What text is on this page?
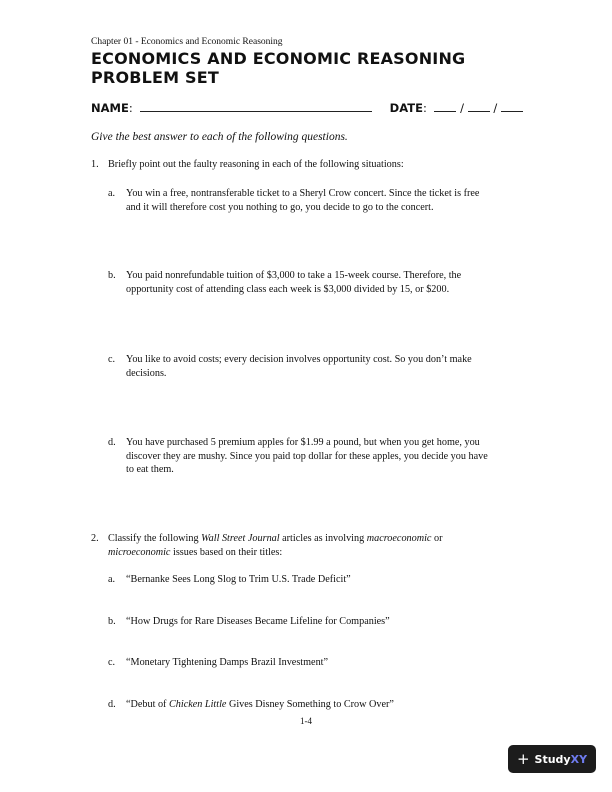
Chapter 01 - Economics and Economic Reasoning
ECONOMICS AND ECONOMIC REASONING
PROBLEM SET
NAME:	DATE:	/	/
Give the best answer to each of the following questions.
1. Briefly point out the faulty reasoning in each of the following situations:
a. You win a free, nontransferable ticket to a Sheryl Crow concert. Since the ticket is free
and it will therefore cost you nothing to go, you decide to go to the concert.
b. You paid nonrefundable tuition of $3,000 to take a 15-week course. Therefore, the
opportunity cost of attending class each week is $3,000 divided by 15, or $200.
c. You like to avoid costs; every decision involves opportunity cost. So you don’t make
decisions.
d. You have purchased 5 premium apples for $1.99 a pound, but when you get home, you
discover they are mushy. Since you paid top dollar for these apples, you decide you have
to eat them.
2. Classify the following Wall Street Journal articles as involving macroeconomic or
microeconomic issues based on their titles:
a. “Bernanke Sees Long Slog to Trim U.S. Trade Deficit”
b. “How Drugs for Rare Diseases Became Lifeline for Companies”
c. “Monetary Tightening Damps Brazil Investment”
d. “Debut of Chicken Little Gives Disney Something to Crow Over”
1-4
+ StudyXY
